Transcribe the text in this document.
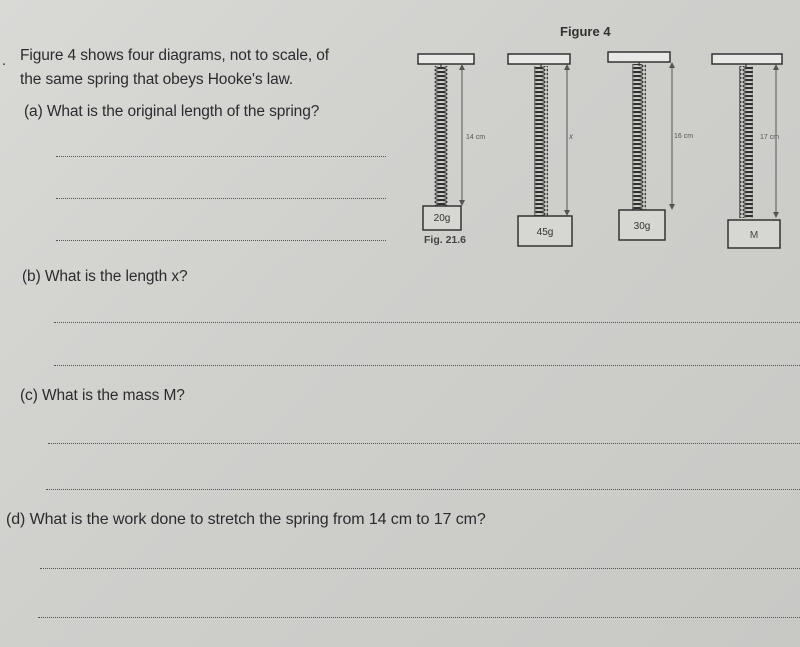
. Figure 4 shows four diagrams, not to scale, of
the same spring that obeys Hooke's law.
(a) What is the original length of the spring?
(b) What is the length x?
(c) What is the mass M?
(d) What is the work done to stretch the spring from 14 cm to 17 cm?
Figure 4
Fig. 21.6
14 cm
20g
x
45g
16 cm
30g
17 cm
M
